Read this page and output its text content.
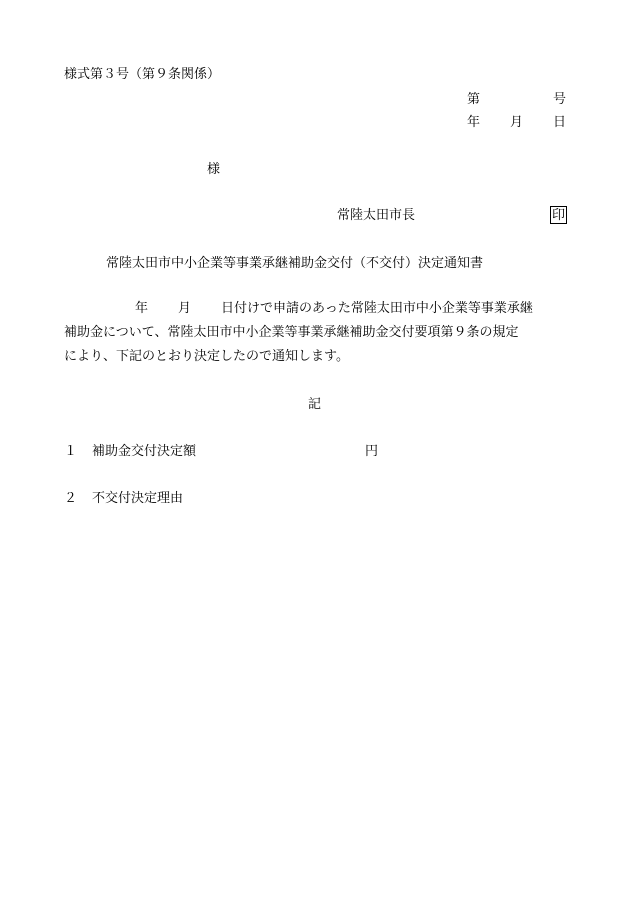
様式第３号（第９条関係）
第	号
年 月 日
様
常陸太田市長	印
常陸太田市中小企業等事業承継補助金交付（不交付）決定通知書
年 月 日付けで申請のあった常陸太田市中小企業等事業承継
補助金について、常陸太田市中小企業等事業承継補助金交付要項第９条の規定
により、下記のとおり決定したので通知します。
記
１ 補助金交付決定額	円
２ 不交付決定理由
